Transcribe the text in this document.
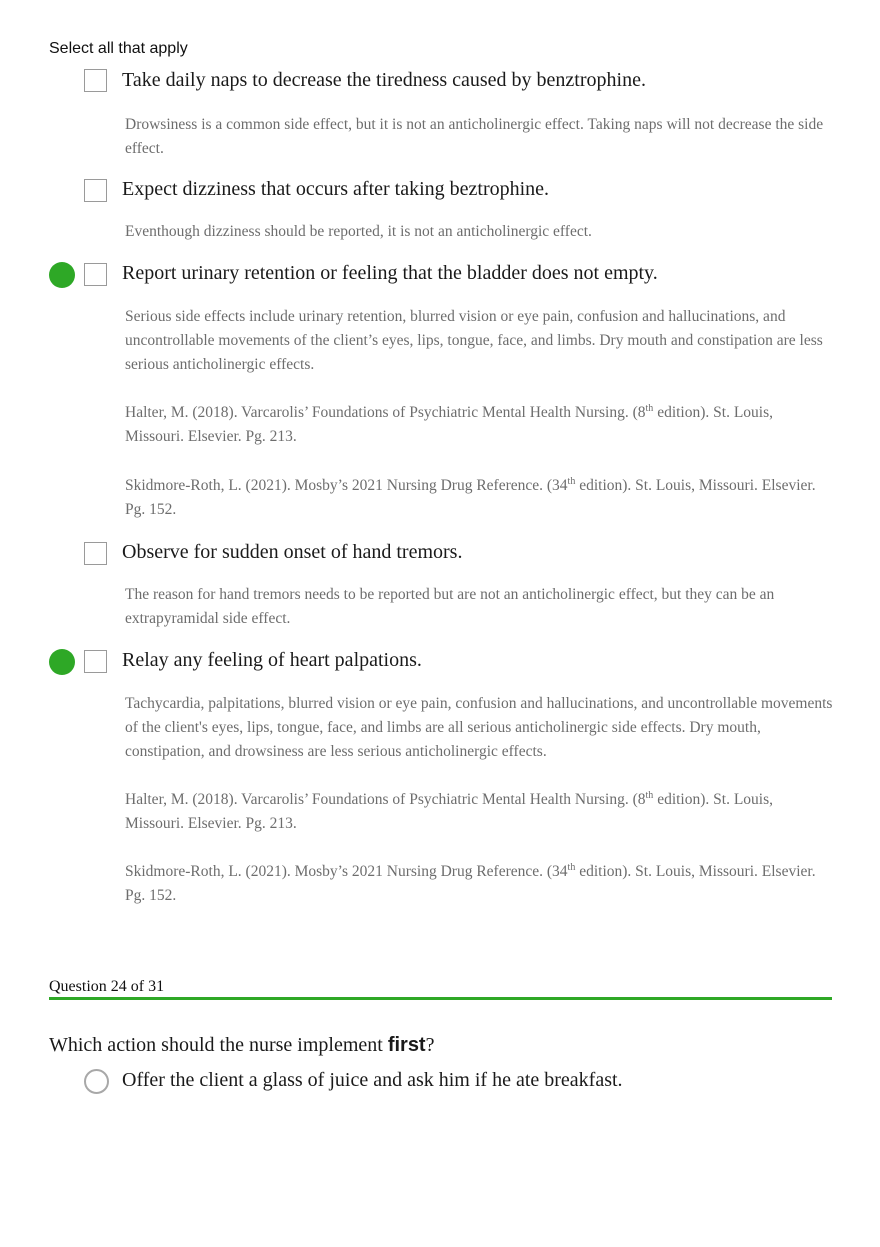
Select all that apply
Take daily naps to decrease the tiredness caused by benztrophine.
Drowsiness is a common side effect, but it is not an anticholinergic effect. Taking naps will not decrease the side effect.
Expect dizziness that occurs after taking beztrophine.
Eventhough dizziness should be reported, it is not an anticholinergic effect.
Report urinary retention or feeling that the bladder does not empty.
Serious side effects include urinary retention, blurred vision or eye pain, confusion and hallucinations, and uncontrollable movements of the client’s eyes, lips, tongue, face, and limbs. Dry mouth and constipation are less serious anticholinergic effects.
Halter, M. (2018). Varcarolis’ Foundations of Psychiatric Mental Health Nursing. (8th edition). St. Louis, Missouri. Elsevier. Pg. 213.
Skidmore-Roth, L. (2021). Mosby’s 2021 Nursing Drug Reference. (34th edition). St. Louis, Missouri. Elsevier. Pg. 152.
Observe for sudden onset of hand tremors.
The reason for hand tremors needs to be reported but are not an anticholinergic effect, but they can be an extrapyramidal side effect.
Relay any feeling of heart palpations.
Tachycardia, palpitations, blurred vision or eye pain, confusion and hallucinations, and uncontrollable movements of the client's eyes, lips, tongue, face, and limbs are all serious anticholinergic side effects. Dry mouth, constipation, and drowsiness are less serious anticholinergic effects.
Halter, M. (2018). Varcarolis’ Foundations of Psychiatric Mental Health Nursing. (8th edition). St. Louis, Missouri. Elsevier. Pg. 213.
Skidmore-Roth, L. (2021). Mosby’s 2021 Nursing Drug Reference. (34th edition). St. Louis, Missouri. Elsevier. Pg. 152.
Question 24 of 31
Which action should the nurse implement first?
Offer the client a glass of juice and ask him if he ate breakfast.
